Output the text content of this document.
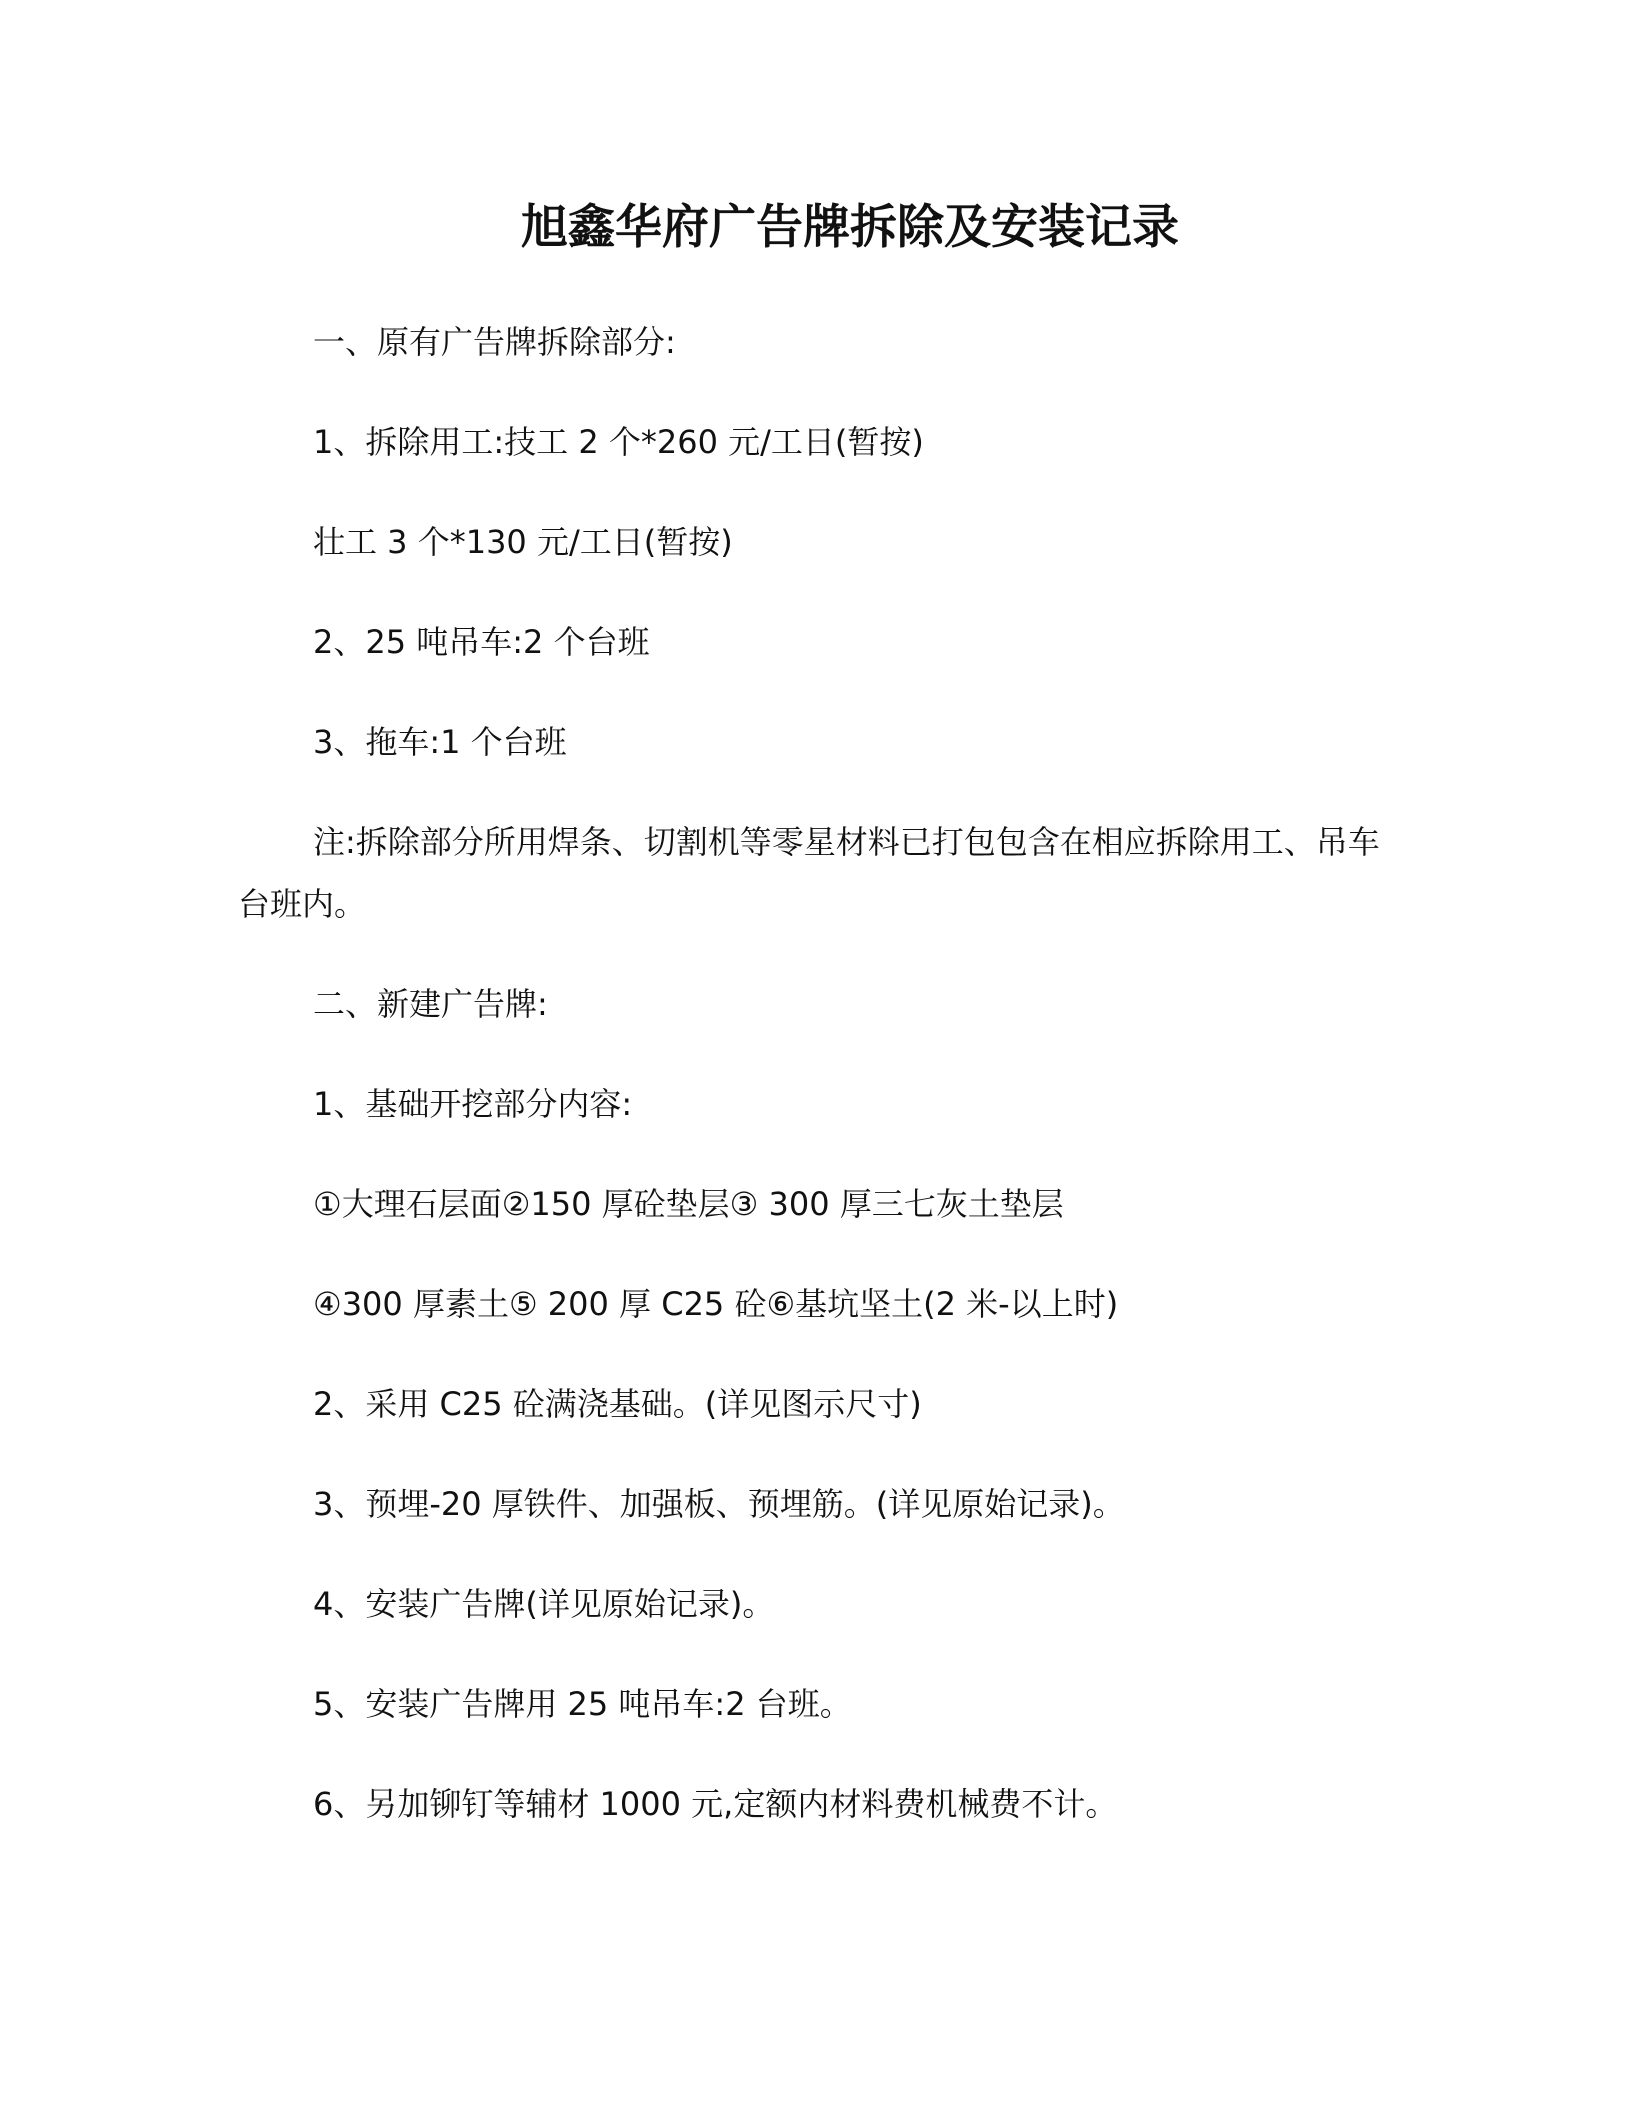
旭鑫华府广告牌拆除及安装记录
一、原有广告牌拆除部分:
1、拆除用工:技工 2 个*260 元/工日(暂按)
壮工 3 个*130 元/工日(暂按)
2、25 吨吊车:2 个台班
3、拖车:1 个台班
注:拆除部分所用焊条、切割机等零星材料已打包包含在相应拆除用工、吊车
台班内。
二、新建广告牌:
1、基础开挖部分内容:
①大理石层面②150 厚砼垫层③ 300 厚三七灰土垫层
④300 厚素土⑤ 200 厚 C25 砼⑥基坑坚土(2 米-以上时)
2、采用 C25 砼满浇基础。(详见图示尺寸)
3、预埋-20 厚铁件、加强板、预埋筋。(详见原始记录)。
4、安装广告牌(详见原始记录)。
5、安装广告牌用 25 吨吊车:2 台班。
6、另加铆钉等辅材 1000 元,定额内材料费机械费不计。
